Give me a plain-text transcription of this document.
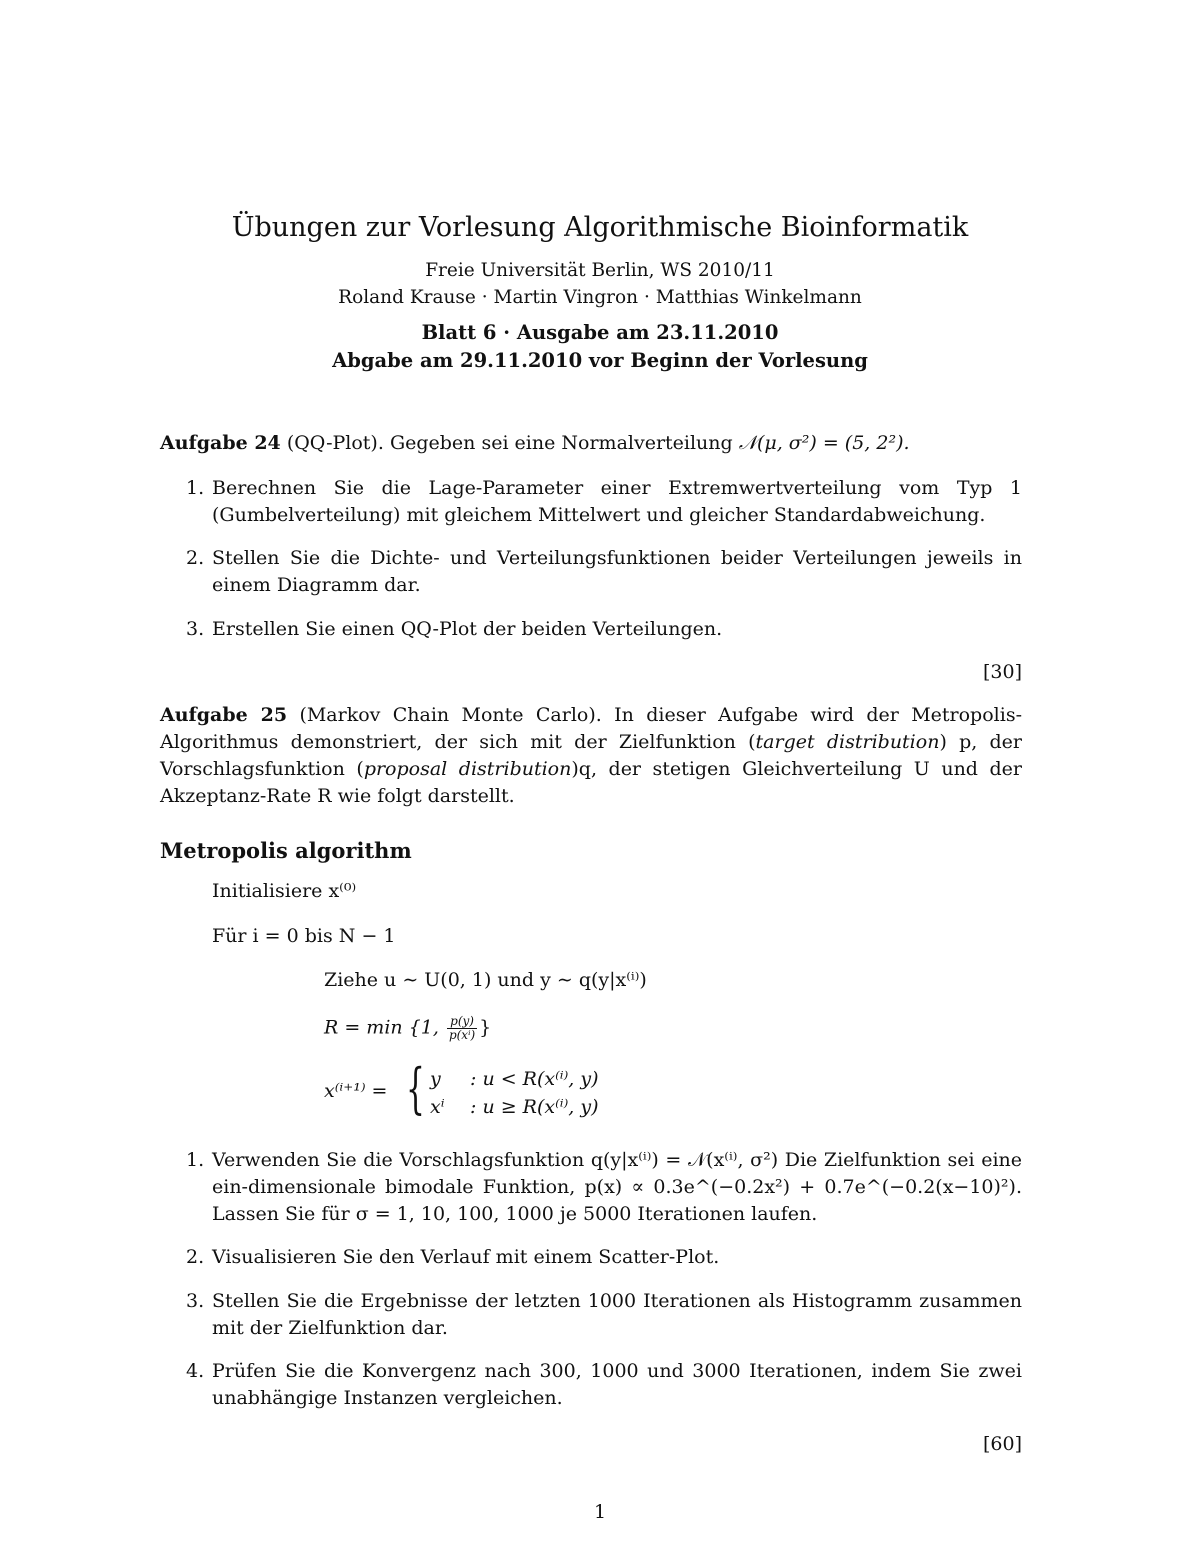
Übungen zur Vorlesung Algorithmische Bioinformatik
Freie Universität Berlin, WS 2010/11
Roland Krause · Martin Vingron · Matthias Winkelmann
Blatt 6 · Ausgabe am 23.11.2010
Abgabe am 29.11.2010 vor Beginn der Vorlesung
Aufgabe 24 (QQ-Plot). Gegeben sei eine Normalverteilung 𝒩(μ, σ²) = (5, 2²).
1. Berechnen Sie die Lage-Parameter einer Extremwertverteilung vom Typ 1 (Gumbelverteilung) mit gleichem Mittelwert und gleicher Standardabweichung.
2. Stellen Sie die Dichte- und Verteilungsfunktionen beider Verteilungen jeweils in einem Diagramm dar.
3. Erstellen Sie einen QQ-Plot der beiden Verteilungen.
[30]
Aufgabe 25 (Markov Chain Monte Carlo). In dieser Aufgabe wird der Metropolis-Algorithmus demonstriert, der sich mit der Zielfunktion (target distribution) p, der Vorschlagsfunktion (proposal distribution)q, der stetigen Gleichverteilung U und der Akzeptanz-Rate R wie folgt darstellt.
Metropolis algorithm
Initialisiere x⁽⁰⁾
Für i = 0 bis N − 1
Ziehe u ∼ U(0, 1) und y ∼ q(y|x⁽ⁱ⁾)
R = min {1, $\frac{p(y)}{\text{p(xⁱ)}}$ }
x⁽ⁱ⁺¹⁾ = { y : u < R(x⁽ⁱ⁾, y)
xⁱ : u ≥ R(x⁽ⁱ⁾, y)
1. Verwenden Sie die Vorschlagsfunktion q(y|x⁽ⁱ⁾) = 𝒩(x⁽ⁱ⁾, σ²) Die Zielfunktion sei eine ein-dimensionale bimodale Funktion, p(x) ∝ 0.3e^(−0.2x²) + 0.7e^(−0.2(x−10)²). Lassen Sie für σ = 1, 10, 100, 1000 je 5000 Iterationen laufen.
2. Visualisieren Sie den Verlauf mit einem Scatter-Plot.
3. Stellen Sie die Ergebnisse der letzten 1000 Iterationen als Histogramm zusammen mit der Zielfunktion dar.
4. Prüfen Sie die Konvergenz nach 300, 1000 und 3000 Iterationen, indem Sie zwei unabhängige Instanzen vergleichen.
[60]
1
